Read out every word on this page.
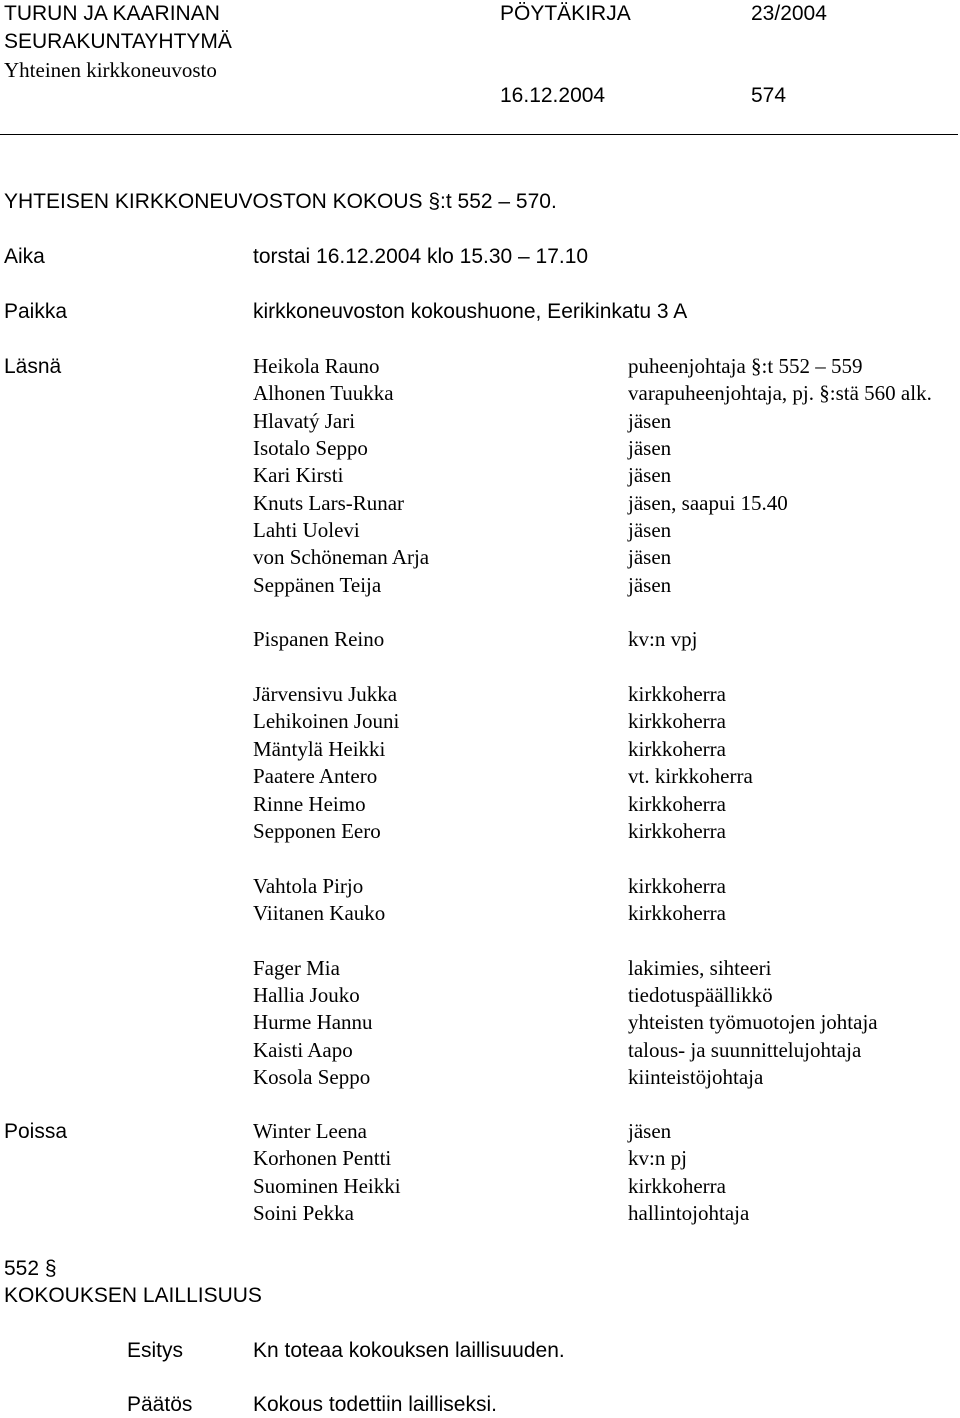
TURUN JA KAARINAN
SEURAKUNTAYHTYMÄ
Yhteinen kirkkoneuvosto
PÖYTÄKIRJA	23/2004
16.12.2004	574
YHTEISEN KIRKKONEUVOSTON KOKOUS §:t 552 – 570.
Aika	torstai 16.12.2004 klo 15.30 – 17.10
Paikka	kirkkoneuvoston kokoushuone, Eerikinkatu 3 A
Läsnä	Heikola Rauno	puheenjohtaja §:t 552 – 559
Alhonen Tuukka	varapuheenjohtaja, pj. §:stä 560 alk.
Hlavatý Jari	jäsen
Isotalo Seppo	jäsen
Kari Kirsti	jäsen
Knuts Lars-Runar	jäsen, saapui 15.40
Lahti Uolevi	jäsen
von Schöneman Arja	jäsen
Seppänen Teija	jäsen
Pispanen Reino	kv:n vpj
Järvensivu Jukka	kirkkoherra
Lehikoinen Jouni	kirkkoherra
Mäntylä Heikki	kirkkoherra
Paatere Antero	vt. kirkkoherra
Rinne Heimo	kirkkoherra
Sepponen Eero	kirkkoherra
Vahtola Pirjo	kirkkoherra
Viitanen Kauko	kirkkoherra
Fager Mia	lakimies, sihteeri
Hallia Jouko	tiedotuspäällikkö
Hurme Hannu	yhteisten työmuotojen johtaja
Kaisti Aapo	talous- ja suunnittelujohtaja
Kosola Seppo	kiinteistöjohtaja
Poissa	Winter Leena	jäsen
Korhonen Pentti	kv:n pj
Suominen Heikki	kirkkoherra
Soini Pekka	hallintojohtaja
552 §
KOKOUKSEN LAILLISUUS
Esitys	Kn toteaa kokouksen laillisuuden.
Päätös	Kokous todettiin lailliseksi.
